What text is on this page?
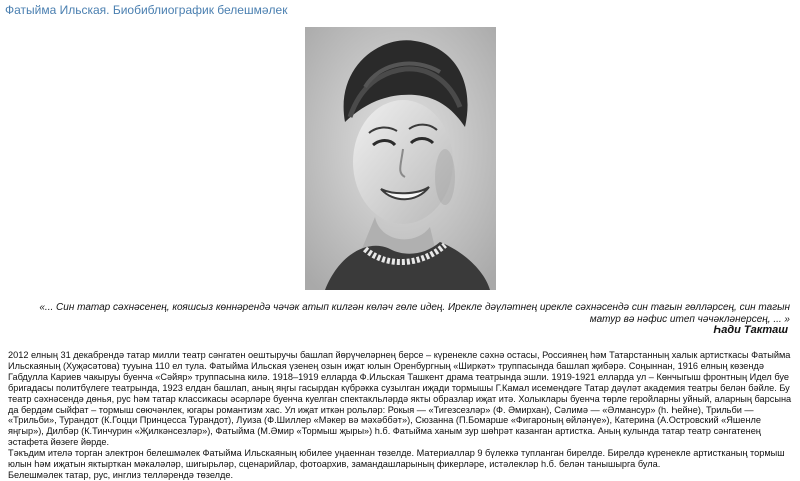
Фатыйма Ильская. Биобиблиографик белешмәлек
«... Син татар сәхнәсенең, кояшсыз көннәрендә чәчәк атып килгән көләч гөле идең. Ирекле дәүләтнең ирекле сәхнәсендә син тагын гөлләрсең, син тагын матур вә нәфис итеп чәчәкләнерсең, ... »
Һади Такташ

2012 елның 31 декабрендә татар милли театр сәнгатен оештыручы башлап йөрүчеләрнең берсе – күренекле сәхнә остасы, Россиянең һәм Татарстанның халык артисткасы Фатыйма Ильскаяның (Хуҗәсәтова) тууына 110 ел тула. Фатыйма Ильская үзенең озын иҗат юлын Оренбургның «Ширкәт» труппасында башлап җибәрә. Соңыннан, 1916 елның көзендә Габдулла Кариев чакыруы буенча «Сәйяр» труппасына килә. 1918–1919 елларда Ф.Ильская Ташкент драма театрында эшли. 1919-1921 елларда ул – Көнчыгыш фронтның Идел буе бригадасы политбүлеге театрында, 1923 елдан башлап, аның яңгы гасырдан күбрәкка сузылган иҗади тормышы Г.Камал исемендәге Татар дәүләт академия театры белән бәйле. Бу театр сәхнәсендә дөнья, рус һәм татар классикасы әсәрләре буенча куелган спектакльләрдә якты образлар иҗат итә. Холыклары буенча төрле геройларны уйный, аларның барсына да бердәм сыйфат – тормыш сөючәнлек, югары романтизм хас. Ул иҗат иткән рольләр: Рокыя — «Тигезсезләр» (Ф. Әмирхан), Сәлимә — «Әлмансур» (h. Һейне), Трильби — «Трильби», Турандот (К.Гоцци Принцесса Турандот), Луиза (Ф.Шиллер «Мәкер вә мәхәббәт»), Сюзанна (П.Бомарше «Фигароның өйләнүе»), Катерина (А.Островский «Яшенле яңгыр»), Дилбәр (К.Тинчурин «Җилкәнсезләр»), Фатыйма (М.Әмир «Тормыш җыры») h.б. Фатыйма ханым зур шөһрәт казанган артистка. Аның кулында татар театр сәнгатенең эстафета йөзеге йөрде.

Тәкъдим ителә торган электрон белешмәлек Фатыйма Ильскаяның юбилее уңаеннан төзелде. Материаллар 9 бүлеккә тупланган бирелде. Бирелдә күренекле артистканың тормыш юлын һәм иҗатын яктырткан мәкаләләр, шигырьләр, сценарийлар, фотоархив, замандашларының фикерләре, истәлекләр h.б. белән танышырга була.

Белешмәлек татар, рус, инглиз телләрендә төзелде.
